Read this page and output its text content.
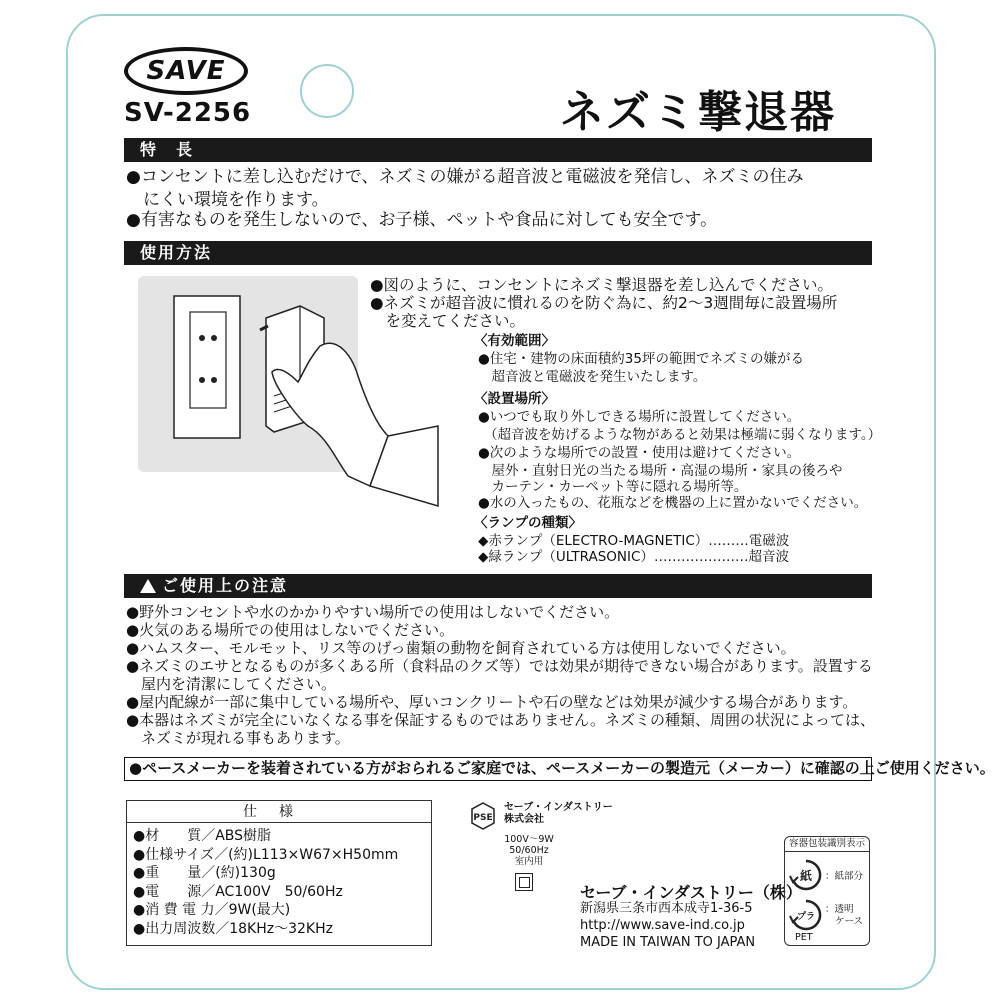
SAVE
SV-2256	ネズミ撃退器
特　長
●コンセントに差し込むだけで、ネズミの嫌がる超音波と電磁波を発信し、ネズミの住み
　にくい環境を作ります。
●有害なものを発生しないので、お子様、ペットや食品に対しても安全です。
使用方法
●図のように、コンセントにネズミ撃退器を差し込んでください。
●ネズミが超音波に慣れるのを防ぐ為に、約2～3週間毎に設置場所
　を変えてください。
〈有効範囲〉
●住宅・建物の床面積約35坪の範囲でネズミの嫌がる
　超音波と電磁波を発生いたします。
〈設置場所〉
●いつでも取り外しできる場所に設置してください。
（超音波を妨げるような物があると効果は極端に弱くなります。）
●次のような場所での設置・使用は避けてください。
　屋外・直射日光の当たる場所・高湿の場所・家具の後ろや
　カーテン・カーペット等に隠れる場所等。
●水の入ったもの、花瓶などを機器の上に置かないでください。
〈ランプの種類〉
◆赤ランプ（ELECTRO-MAGNETIC）………電磁波
◆緑ランプ（ULTRASONIC）…………………超音波
ご使用上の注意
●野外コンセントや水のかかりやすい場所での使用はしないでください。
●火気のある場所での使用はしないでください。
●ハムスター、モルモット、リス等のげっ歯類の動物を飼育されている方は使用しないでください。
●ネズミのエサとなるものが多くある所（食料品のクズ等）では効果が期待できない場合があります。設置する
　屋内を清潔にしてください。
●屋内配線が一部に集中している場所や、厚いコンクリートや石の壁などは効果が減少する場合があります。
●本器はネズミが完全にいなくなる事を保証するものではありません。ネズミの種類、周囲の状況によっては、
　ネズミが現れる事もあります。
●ペースメーカーを装着されている方がおられるご家庭では、ペースメーカーの製造元（メーカー）に確認の上ご使用ください。
仕様
●材　　質／ABS樹脂
●仕様サイズ／(約)L113×W67×H50mm
●重　　量／(約)130g
●電　　源／AC100V　50/60Hz
●消 費 電 力／9W(最大)
●出力周波数／18KHz～32KHz
PSE
セーブ・インダストリー
株式会社
100V～9W
50/60Hz
室内用
セーブ・インダストリー（株）
新潟県三条市西本成寺1-36-5
http://www.save-ind.co.jp
MADE IN TAIWAN TO JAPAN
容器包装識別表示
紙 ：紙部分
プラ
：透明
ケース
PET
